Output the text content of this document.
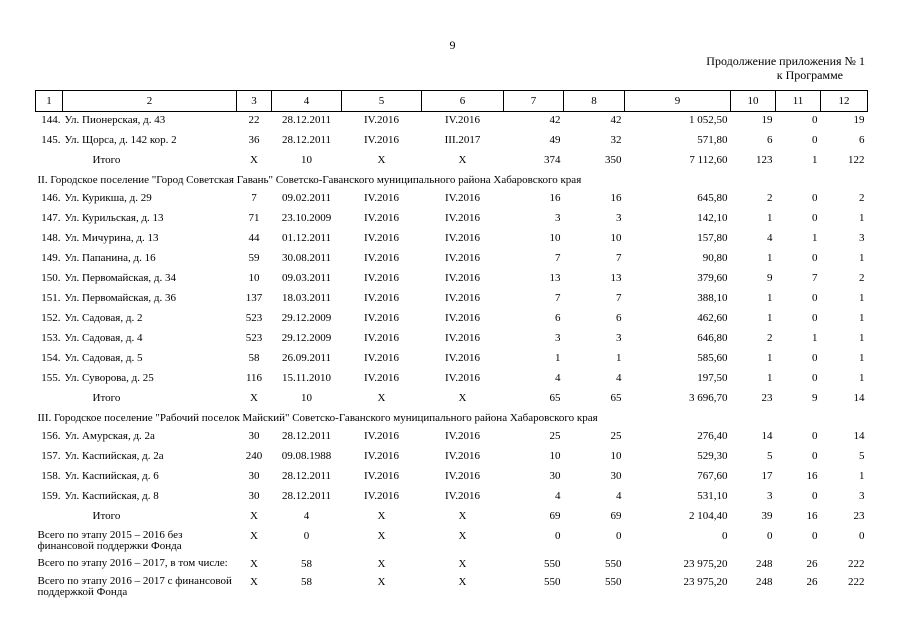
9
Продолжение приложения № 1
к Программе
1	2	3	4	5	6	7	8	9	10	11	12
144.	Ул. Пионерская, д. 43	22	28.12.2011	IV.2016	IV.2016	42	42	1 052,50	19	0	19
145.	Ул. Щорса, д. 142 кор. 2	36	28.12.2011	IV.2016	III.2017	49	32	571,80	6	0	6
	Итого	X	10	X	X	374	350	7 112,60	123	1	122
II. Городское поселение "Город Советская Гавань" Советско-Гаванского муниципального района Хабаровского края											
146.	Ул. Курикша, д. 29	7	09.02.2011	IV.2016	IV.2016	16	16	645,80	2	0	2
147.	Ул. Курильская, д. 13	71	23.10.2009	IV.2016	IV.2016	3	3	142,10	1	0	1
148.	Ул. Мичурина, д. 13	44	01.12.2011	IV.2016	IV.2016	10	10	157,80	4	1	3
149.	Ул. Папанина, д. 16	59	30.08.2011	IV.2016	IV.2016	7	7	90,80	1	0	1
150.	Ул. Первомайская, д. 34	10	09.03.2011	IV.2016	IV.2016	13	13	379,60	9	7	2
151.	Ул. Первомайская, д. 36	137	18.03.2011	IV.2016	IV.2016	7	7	388,10	1	0	1
152.	Ул. Садовая, д. 2	523	29.12.2009	IV.2016	IV.2016	6	6	462,60	1	0	1
153.	Ул. Садовая, д. 4	523	29.12.2009	IV.2016	IV.2016	3	3	646,80	2	1	1
154.	Ул. Садовая, д. 5	58	26.09.2011	IV.2016	IV.2016	1	1	585,60	1	0	1
155.	Ул. Суворова, д. 25	116	15.11.2010	IV.2016	IV.2016	4	4	197,50	1	0	1
	Итого	X	10	X	X	65	65	3 696,70	23	9	14
III. Городское поселение "Рабочий поселок Майский" Советско-Гаванского муниципального района Хабаровского края											
156.	Ул. Амурская, д. 2а	30	28.12.2011	IV.2016	IV.2016	25	25	276,40	14	0	14
157.	Ул. Каспийская, д. 2а	240	09.08.1988	IV.2016	IV.2016	10	10	529,30	5	0	5
158.	Ул. Каспийская, д. 6	30	28.12.2011	IV.2016	IV.2016	30	30	767,60	17	16	1
159.	Ул. Каспийская, д. 8	30	28.12.2011	IV.2016	IV.2016	4	4	531,10	3	0	3
	Итого	X	4	X	X	69	69	2 104,40	39	16	23
Всего по этапу 2015 – 2016 без финансовой поддержки Фонда		X	0	X	X	0	0	0	0	0	0
Всего по этапу 2016 – 2017, в том числе:		X	58	X	X	550	550	23 975,20	248	26	222
Всего по этапу 2016 – 2017 с финансовой поддержкой Фонда		X	58	X	X	550	550	23 975,20	248	26	222
